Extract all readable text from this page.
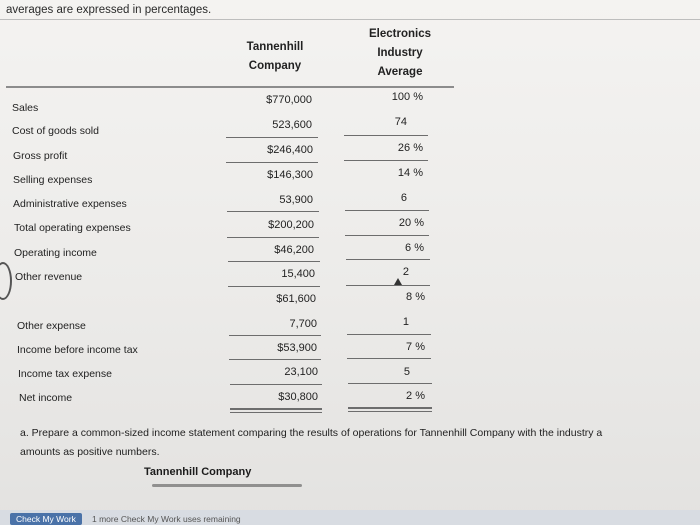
averages are expressed in percentages.
Tannenhill
Company
Electronics
Industry
Average
Sales
Cost of goods sold
Gross profit
Selling expenses
Administrative expenses
Total operating expenses
Operating income
Other revenue
Other expense
Income before income tax
Income tax expense
Net income
$770,000
523,600
$246,400
$146,300
53,900
$200,200
$46,200
15,400
$61,600
7,700
$53,900
23,100
$30,800
100 %
74
26 %
14 %
6
20 %
6 %
2
8 %
1
7 %
5
2 %
a. Prepare a common-sized income statement comparing the results of operations for Tannenhill Company with the industry a
amounts as positive numbers.
Tannenhill Company
Check My Work	1 more Check My Work uses remaining
